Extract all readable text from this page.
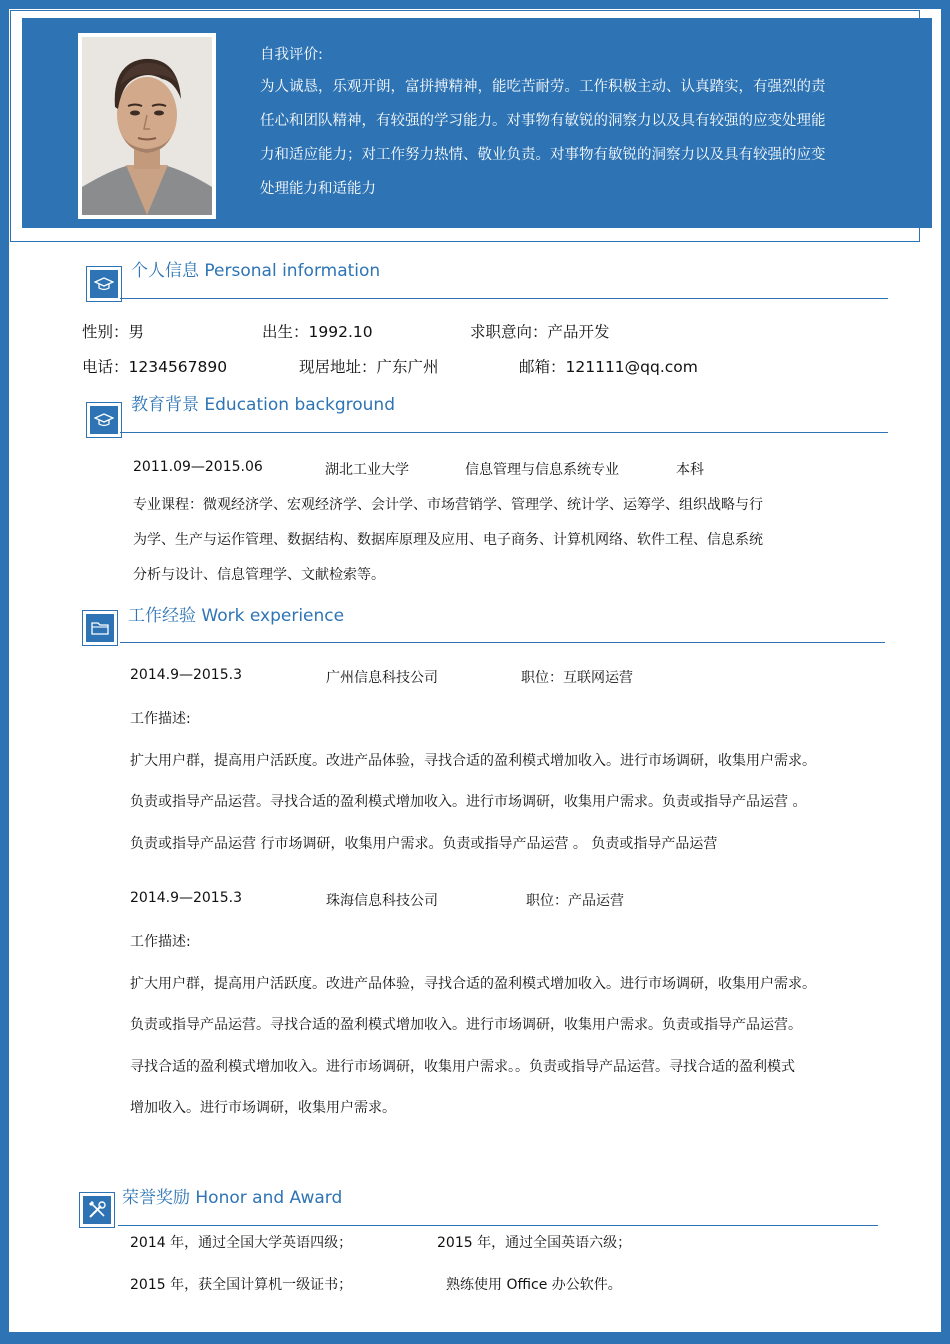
自我评价:
为人诚恳，乐观开朗，富拼搏精神，能吃苦耐劳。工作积极主动、认真踏实，有强烈的责
任心和团队精神，有较强的学习能力。对事物有敏锐的洞察力以及具有较强的应变处理能
力和适应能力；对工作努力热情、敬业负责。对事物有敏锐的洞察力以及具有较强的应变
处理能力和适能力
个人信息 Personal information
性别：男	出生：1992.10	求职意向：产品开发
电话：1234567890	现居地址：广东广州	邮箱：121111@qq.com
教育背景 Education background
2011.09—2015.06	湖北工业大学	信息管理与信息系统专业	本科
专业课程：微观经济学、宏观经济学、会计学、市场营销学、管理学、统计学、运筹学、组织战略与行
为学、生产与运作管理、数据结构、数据库原理及应用、电子商务、计算机网络、软件工程、信息系统
分析与设计、信息管理学、文献检索等。
工作经验 Work experience
2014.9—2015.3	广州信息科技公司	职位：互联网运营
工作描述:
扩大用户群，提高用户活跃度。改进产品体验，寻找合适的盈利模式增加收入。进行市场调研，收集用户需求。
负责或指导产品运营。寻找合适的盈利模式增加收入。进行市场调研，收集用户需求。负责或指导产品运营 。
负责或指导产品运营 行市场调研，收集用户需求。负责或指导产品运营 。 负责或指导产品运营
2014.9—2015.3	珠海信息科技公司	职位：产品运营
工作描述:
扩大用户群，提高用户活跃度。改进产品体验，寻找合适的盈利模式增加收入。进行市场调研，收集用户需求。
负责或指导产品运营。寻找合适的盈利模式增加收入。进行市场调研，收集用户需求。负责或指导产品运营。
寻找合适的盈利模式增加收入。进行市场调研，收集用户需求。。负责或指导产品运营。寻找合适的盈利模式
增加收入。进行市场调研，收集用户需求。
荣誉奖励 Honor and Award
2014 年，通过全国大学英语四级；	2015 年，通过全国英语六级；
2015 年，获全国计算机一级证书；	熟练使用 Office 办公软件。
